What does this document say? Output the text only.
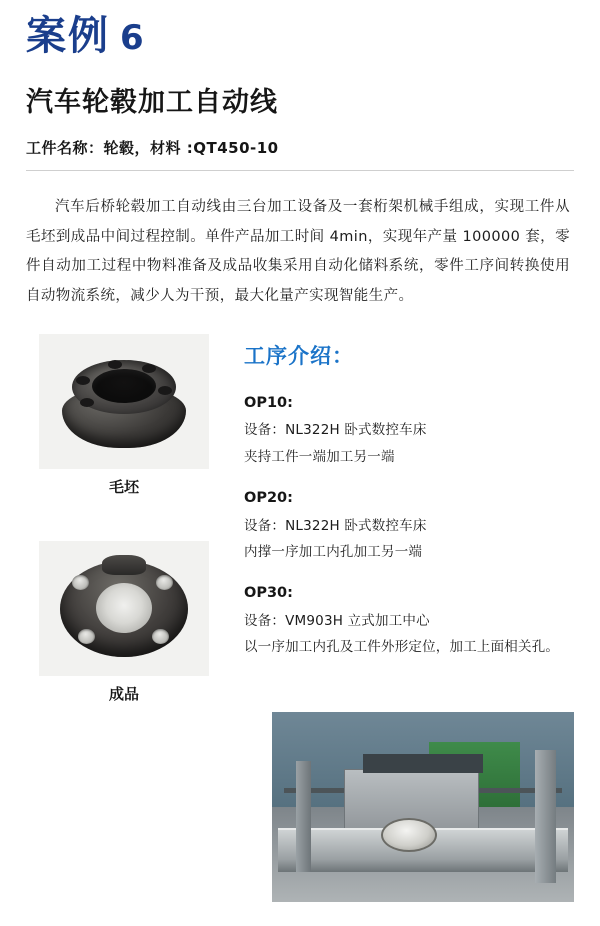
案例 6
汽车轮毂加工自动线
工件名称：轮毂，材料 :QT450-10

汽车后桥轮毂加工自动线由三台加工设备及一套桁架机械手组成，实现工件从毛坯到成品中间过程控制。单件产品加工时间 4min，实现年产量 100000 套，零件自动加工过程中物料准备及成品收集采用自动化储料系统，零件工序间转换使用自动物流系统，减少人为干预，最大化量产实现智能生产。

毛坯
成品
工序介绍：
OP10:
设备：NL322H 卧式数控车床
夹持工件一端加工另一端
OP20:
设备：NL322H 卧式数控车床
内撑一序加工内孔加工另一端
OP30:
设备：VM903H 立式加工中心
以一序加工内孔及工件外形定位，加工上面相关孔。
